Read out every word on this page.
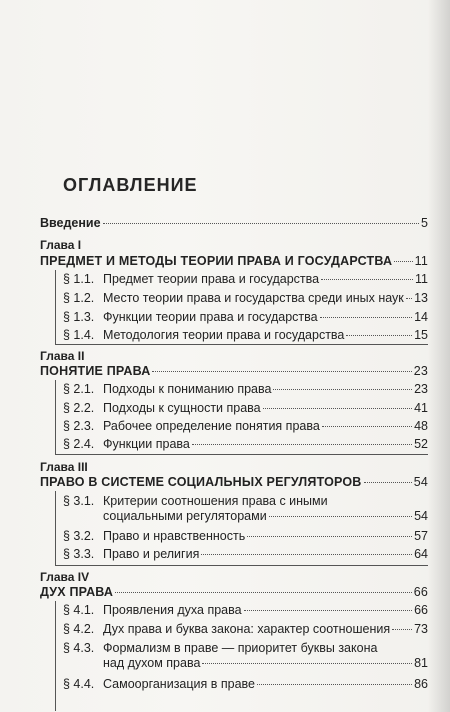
ОГЛАВЛЕНИЕ
Введение	5
Глава I
ПРЕДМЕТ И МЕТОДЫ ТЕОРИИ ПРАВА И ГОСУДАРСТВА 11
§ 1.1. Предмет теории права и государства	11
§ 1.2. Место теории права и государства среди иных наук 13
§ 1.3. Функции теории права и государства	14
§ 1.4. Методология теории права и государства	15
Глава II
ПОНЯТИЕ ПРАВА	23
§ 2.1. Подходы к пониманию права	23
§ 2.2. Подходы к сущности права	41
§ 2.3. Рабочее определение понятия права	48
§ 2.4. Функции права	52
Глава III
ПРАВО В СИСТЕМЕ СОЦИАЛЬНЫХ РЕГУЛЯТОРОВ	54
§ 3.1. Критерии соотношения права с иными
социальными регуляторами	54
§ 3.2. Право и нравственность	57
§ 3.3. Право и религия	64
Глава IV
ДУХ ПРАВА	66
§ 4.1. Проявления духа права	66
§ 4.2. Дух права и буква закона: характер соотношения 73
§ 4.3. Формализм в праве — приоритет буквы закона
над духом права	81
§ 4.4. Самоорганизация в праве	86
